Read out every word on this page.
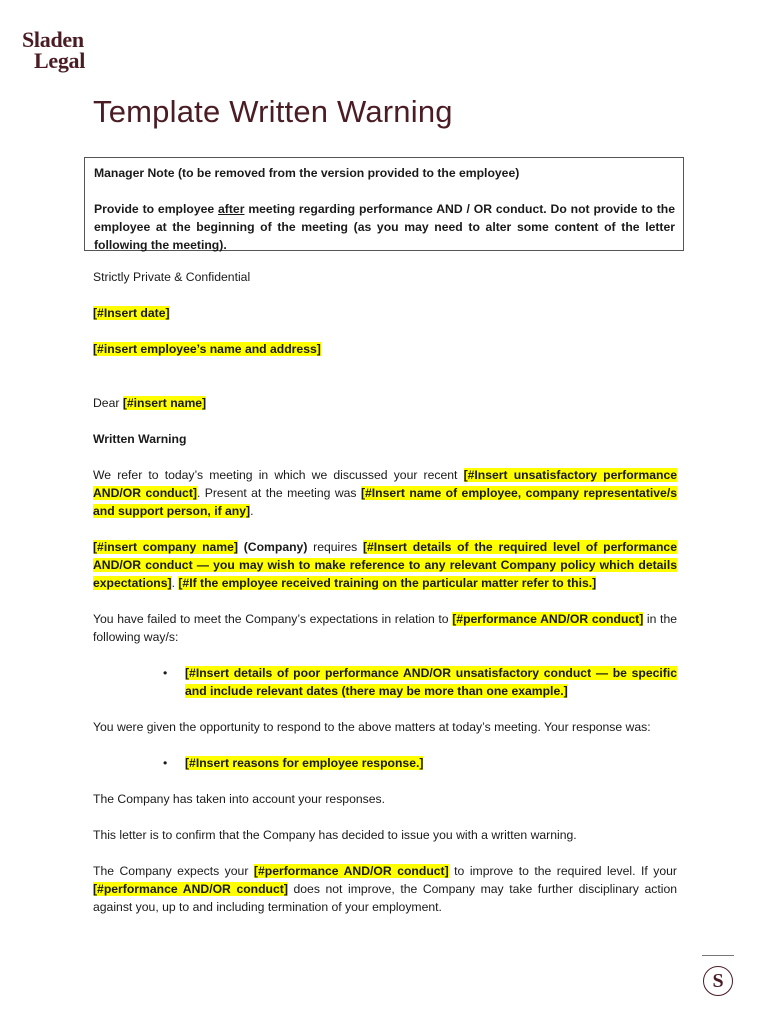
Sladen
Legal
Template Written Warning

Manager Note (to be removed from the version provided to the employee)

Provide to employee after meeting regarding performance AND / OR conduct. Do not provide to the employee at the beginning of the meeting (as you may need to alter some content of the letter following the meeting).

Strictly Private & Confidential

[#Insert date]

[#insert employee’s name and address]

Dear [#insert name]

Written Warning

We refer to today’s meeting in which we discussed your recent [#Insert unsatisfactory performance AND/OR conduct]. Present at the meeting was [#Insert name of employee, company representative/s and support person, if any].

[#insert company name] (Company) requires [#Insert details of the required level of performance AND/OR conduct — you may wish to make reference to any relevant Company policy which details expectations]. [#If the employee received training on the particular matter refer to this.]

You have failed to meet the Company’s expectations in relation to [#performance AND/OR conduct] in the following way/s:

• [#Insert details of poor performance AND/OR unsatisfactory conduct — be specific and include relevant dates (there may be more than one example.]

You were given the opportunity to respond to the above matters at today’s meeting. Your response was:

• [#Insert reasons for employee response.]

The Company has taken into account your responses.

This letter is to confirm that the Company has decided to issue you with a written warning.

The Company expects your [#performance AND/OR conduct] to improve to the required level. If your [#performance AND/OR conduct] does not improve, the Company may take further disciplinary action against you, up to and including termination of your employment.

S
